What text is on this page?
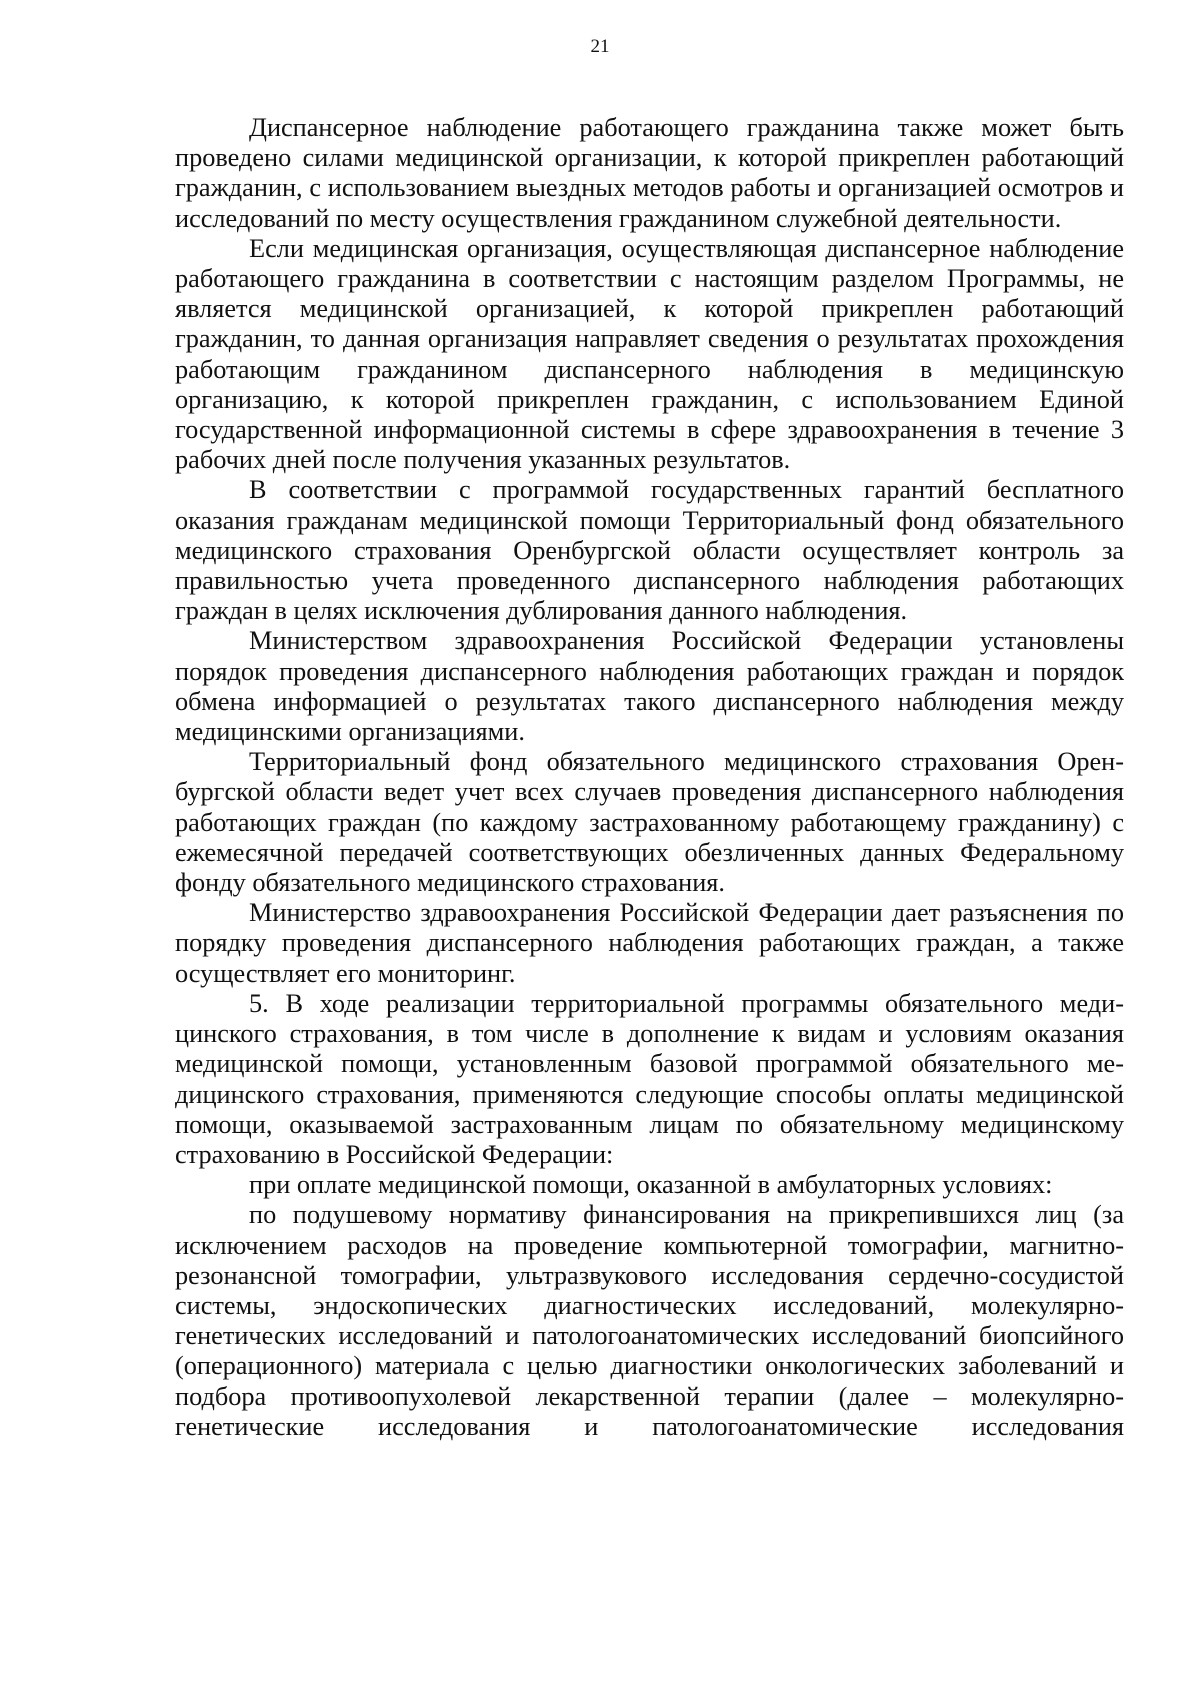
21

Диспансерное наблюдение работающего гражданина также может быть проведено силами медицинской организации, к которой прикреплен работающий гражданин, с использованием выездных методов работы и организацией осмотров и исследований по месту осуществления гражданином служебной деятельности.

Если медицинская организация, осуществляющая диспансерное наблюдение работающего гражданина в соответствии с настоящим разделом Программы, не является медицинской организацией, к которой прикреплен работающий гражданин, то данная организация направляет сведения о результатах прохождения работающим гражданином диспансерного наблюдения в медицинскую организацию, к которой прикреплен гражданин, с использованием Единой государственной информационной системы в сфере здравоохранения в течение 3 рабочих дней после получения указанных результатов.

В соответствии с программой государственных гарантий бесплатного оказания гражданам медицинской помощи Территориальный фонд обязательного медицинского страхования Оренбургской области осуществляет контроль за правильностью учета проведенного диспансерного наблюдения работающих граждан в целях исключения дублирования данного наблюдения.

Министерством здравоохранения Российской Федерации установлены порядок проведения диспансерного наблюдения работающих граждан и порядок обмена информацией о результатах такого диспансерного наблюдения между медицинскими организациями.

Территориальный фонд обязательного медицинского страхования Оренбургской области ведет учет всех случаев проведения диспансерного наблюдения работающих граждан (по каждому застрахованному работающему гражданину) с ежемесячной передачей соответствующих обезличенных данных Федеральному фонду обязательного медицинского страхования.

Министерство здравоохранения Российской Федерации дает разъяснения по порядку проведения диспансерного наблюдения работающих граждан, а также осуществляет его мониторинг.

5. В ходе реализации территориальной программы обязательного медицинского страхования, в том числе в дополнение к видам и условиям оказания медицинской помощи, установленным базовой программой обязательного медицинского страхования, применяются следующие способы оплаты медицинской помощи, оказываемой застрахованным лицам по обязательному медицинскому страхованию в Российской Федерации:

при оплате медицинской помощи, оказанной в амбулаторных условиях:

по подушевому нормативу финансирования на прикрепившихся лиц (за исключением расходов на проведение компьютерной томографии, магнитно-резонансной томографии, ультразвукового исследования сердечно-сосудистой системы, эндоскопических диагностических исследований, молекулярно-генетических исследований и патологоанатомических исследований биопсийного (операционного) материала с целью диагностики онкологических заболеваний и подбора противоопухолевой лекарственной терапии (далее – молекулярно-генетические исследования и патологоанатомические исследования
